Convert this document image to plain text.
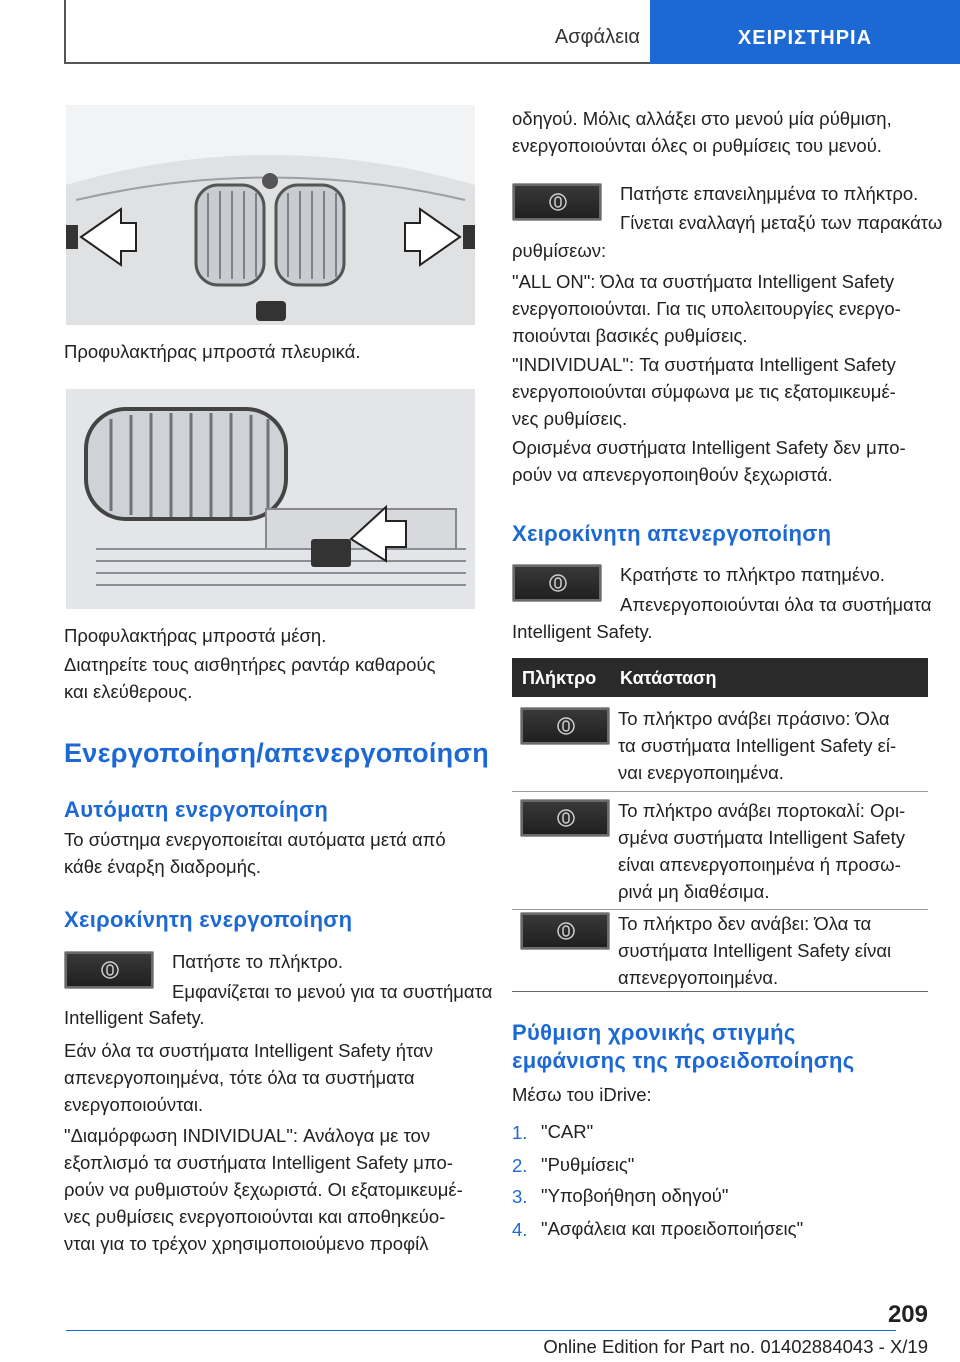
Ασφάλεια	ΧΕΙΡΙΣΤΗΡΙΑ
Προφυλακτήρας μπροστά πλευρικά.
Προφυλακτήρας μπροστά μέση.
Διατηρείτε τους αισθητήρες ραντάρ καθαρούς
και ελεύθερους.
Ενεργοποίηση/απενεργοποίηση
Αυτόματη ενεργοποίηση
Το σύστημα ενεργοποιείται αυτόματα μετά από
κάθε έναρξη διαδρομής.
Χειροκίνητη ενεργοποίηση
Πατήστε το πλήκτρο.
Εμφανίζεται το μενού για τα συστήματα
Intelligent Safety.
Εάν όλα τα συστήματα Intelligent Safety ήταν
απενεργοποιημένα, τότε όλα τα συστήματα
ενεργοποιούνται.
"Διαμόρφωση INDIVIDUAL": Ανάλογα με τον
εξοπλισμό τα συστήματα Intelligent Safety μπο-
ρούν να ρυθμιστούν ξεχωριστά. Οι εξατομικευμέ-
νες ρυθμίσεις ενεργοποιούνται και αποθηκεύο-
νται για το τρέχον χρησιμοποιούμενο προφίλ
οδηγού. Μόλις αλλάξει στο μενού μία ρύθμιση,
ενεργοποιούνται όλες οι ρυθμίσεις του μενού.
Πατήστε επανειλημμένα το πλήκτρο.
Γίνεται εναλλαγή μεταξύ των παρακάτω
ρυθμίσεων:
"ALL ON": Όλα τα συστήματα Intelligent Safety
ενεργοποιούνται. Για τις υπολειτουργίες ενεργο-
ποιούνται βασικές ρυθμίσεις.
"INDIVIDUAL": Τα συστήματα Intelligent Safety
ενεργοποιούνται σύμφωνα με τις εξατομικευμέ-
νες ρυθμίσεις.
Ορισμένα συστήματα Intelligent Safety δεν μπο-
ρούν να απενεργοποιηθούν ξεχωριστά.
Χειροκίνητη απενεργοποίηση
Κρατήστε το πλήκτρο πατημένο.
Απενεργοποιούνται όλα τα συστήματα
Intelligent Safety.
Πλήκτρο Κατάσταση
Το πλήκτρο ανάβει πράσινο: Όλα
τα συστήματα Intelligent Safety εί-
ναι ενεργοποιημένα.
Το πλήκτρο ανάβει πορτοκαλί: Ορι-
σμένα συστήματα Intelligent Safety
είναι απενεργοποιημένα ή προσω-
ρινά μη διαθέσιμα.
Το πλήκτρο δεν ανάβει: Όλα τα
συστήματα Intelligent Safety είναι
απενεργοποιημένα.
Ρύθμιση χρονικής στιγμής
εμφάνισης της προειδοποίησης
Μέσω του iDrive:
1. "CAR"
2. "Ρυθμίσεις"
3. "Υποβοήθηση οδηγού"
4. "Ασφάλεια και προειδοποιήσεις"
209
Online Edition for Part no. 01402884043 - X/19
